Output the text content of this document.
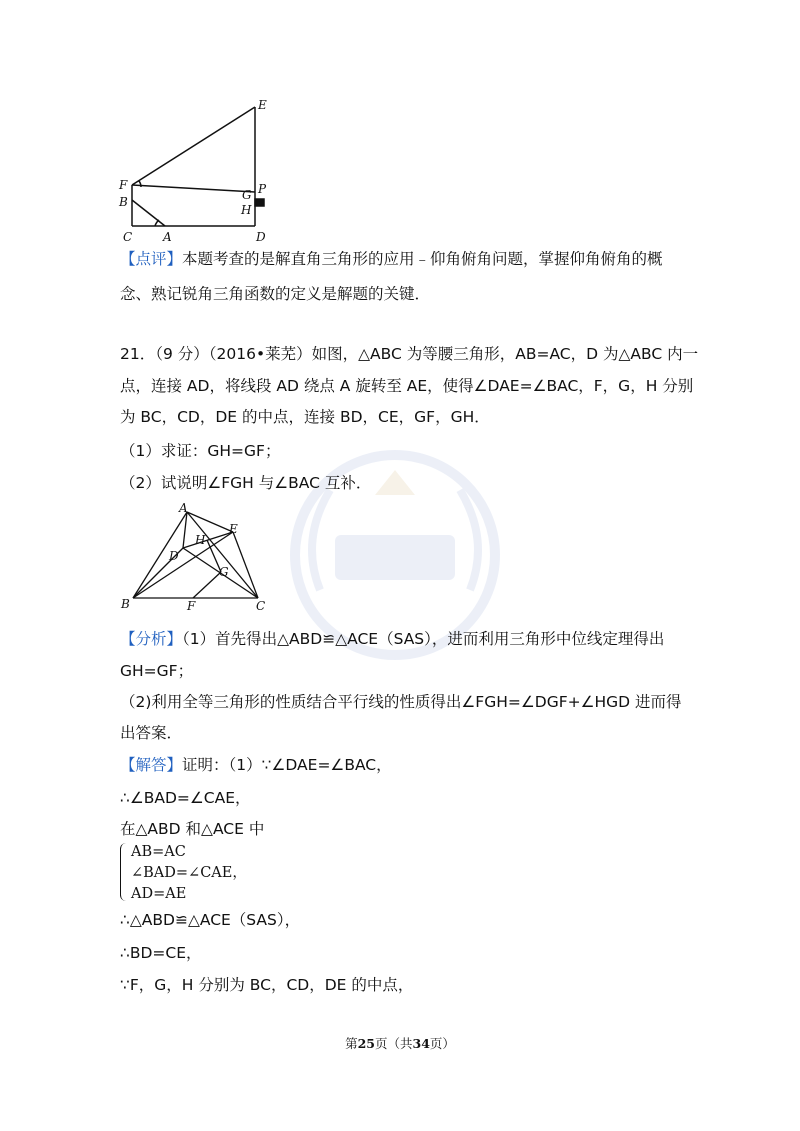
E
F
G P
B
H
C	A	D
【点评】本题考查的是解直角三角形的应用﹣仰角俯角问题，掌握仰角俯角的概
念、熟记锐角三角函数的定义是解题的关键．
21．（9 分）（2016•莱芜）如图，△ABC 为等腰三角形，AB=AC，D 为△ABC 内一
点，连接 AD，将线段 AD 绕点 A 旋转至 AE，使得∠DAE=∠BAC，F，G，H 分别
为 BC，CD，DE 的中点，连接 BD，CE，GF，GH．
（1）求证：GH=GF；
（2）试说明∠FGH 与∠BAC 互补．
A
E
H
D
G
B	F	C
【分析】（1）首先得出△ABD≌△ACE（SAS），进而利用三角形中位线定理得出
GH=GF；
（2)利用全等三角形的性质结合平行线的性质得出∠FGH=∠DGF+∠HGD 进而得
出答案．
【解答】证明：（1）∵∠DAE=∠BAC，
∴∠BAD=∠CAE，
在△ABD 和△ACE 中
AB=AC
∠BAD=∠CAE，
AD=AE
∴△ABD≌△ACE（SAS），
∴BD=CE，
∵F，G，H 分别为 BC，CD，DE 的中点，
第25页（共34页）
